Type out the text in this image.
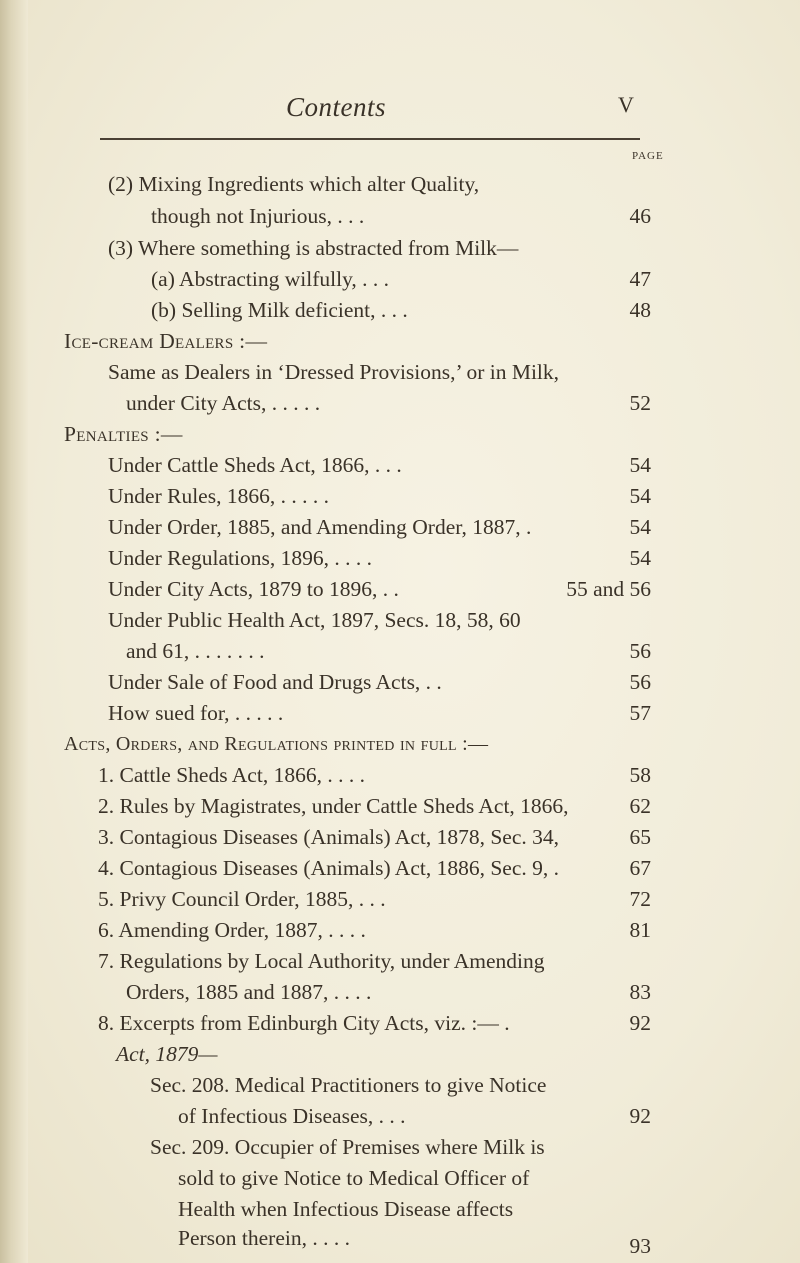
Contents	V
PAGE
(2) Mixing Ingredients which alter Quality,
though not Injurious, . . .	46
(3) Where something is abstracted from Milk—
(a) Abstracting wilfully, . . .	47
(b) Selling Milk deficient, . . .	48
Ice-cream Dealers :—
Same as Dealers in ‘Dressed Provisions,’ or in Milk,
under City Acts, . . . . .	52
Penalties :—
Under Cattle Sheds Act, 1866, . . .	54
Under Rules, 1866, . . . . .	54
Under Order, 1885, and Amending Order, 1887, .	54
Under Regulations, 1896, . . . .	54
Under City Acts, 1879 to 1896, . .	55 and 56
Under Public Health Act, 1897, Secs. 18, 58, 60
and 61, . . . . . . .	56
Under Sale of Food and Drugs Acts, . .	56
How sued for, . . . . .	57
Acts, Orders, and Regulations printed in full :—
1. Cattle Sheds Act, 1866, . . . .	58
2. Rules by Magistrates, under Cattle Sheds Act, 1866,	62
3. Contagious Diseases (Animals) Act, 1878, Sec. 34,	65
4. Contagious Diseases (Animals) Act, 1886, Sec. 9, .	67
5. Privy Council Order, 1885, . . .	72
6. Amending Order, 1887, . . . .	81
7. Regulations by Local Authority, under Amending
Orders, 1885 and 1887, . . . .	83
8. Excerpts from Edinburgh City Acts, viz. :— .	92
Act, 1879—
Sec. 208. Medical Practitioners to give Notice
of Infectious Diseases, . . .	92
Sec. 209. Occupier of Premises where Milk is
sold to give Notice to Medical Officer of
Health when Infectious Disease affects
Person therein, . . . .	93
